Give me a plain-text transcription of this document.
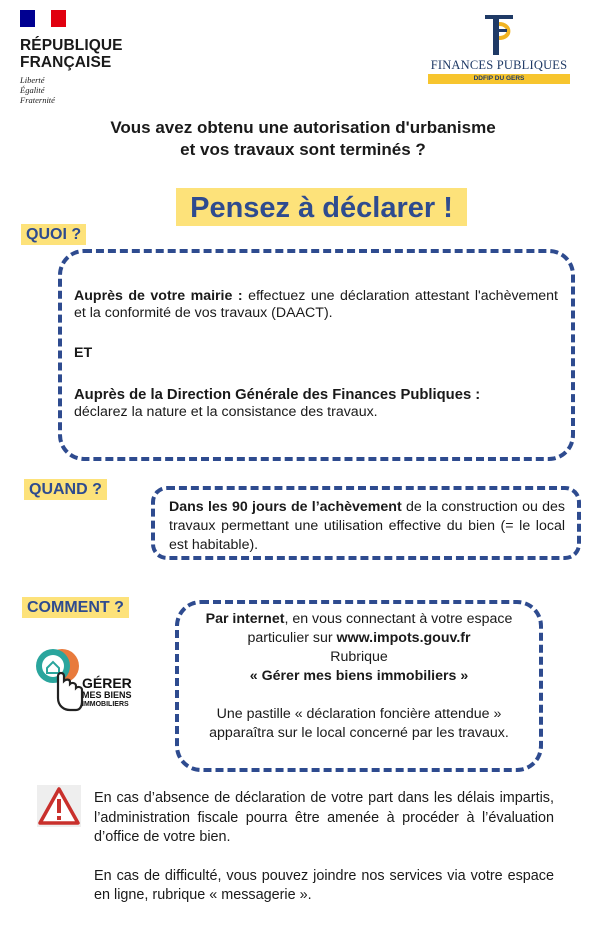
RÉPUBLIQUE
FRANÇAISE
Liberté
Égalité
Fraternité
FINANCES PUBLIQUES
DDFIP DU GERS
Vous avez obtenu une autorisation d'urbanisme
et vos travaux sont terminés ?
Pensez à déclarer !
QUOI ?
Auprès de votre mairie : effectuez une déclaration attestant l'achèvement et la conformité de vos travaux (DAACT).
ET
Auprès de la Direction Générale des Finances Publiques :
déclarez la nature et la consistance des travaux.
QUAND ?
Dans les 90 jours de l’achèvement de la construction ou des travaux permettant une utilisation effective du bien (= le local est habitable).
COMMENT ?
GÉRER
MES BIENS
IMMOBILIERS
Par internet, en vous connectant à votre espace particulier sur www.impots.gouv.fr
Rubrique
« Gérer mes biens immobiliers »
Une pastille « déclaration foncière attendue » apparaîtra sur le local concerné par les travaux.
En cas d’absence de déclaration de votre part dans les délais impartis, l’administration fiscale pourra être amenée à procéder à l’évaluation d’office de votre bien.
En cas de difficulté, vous pouvez joindre nos services via votre espace en ligne, rubrique « messagerie ».
